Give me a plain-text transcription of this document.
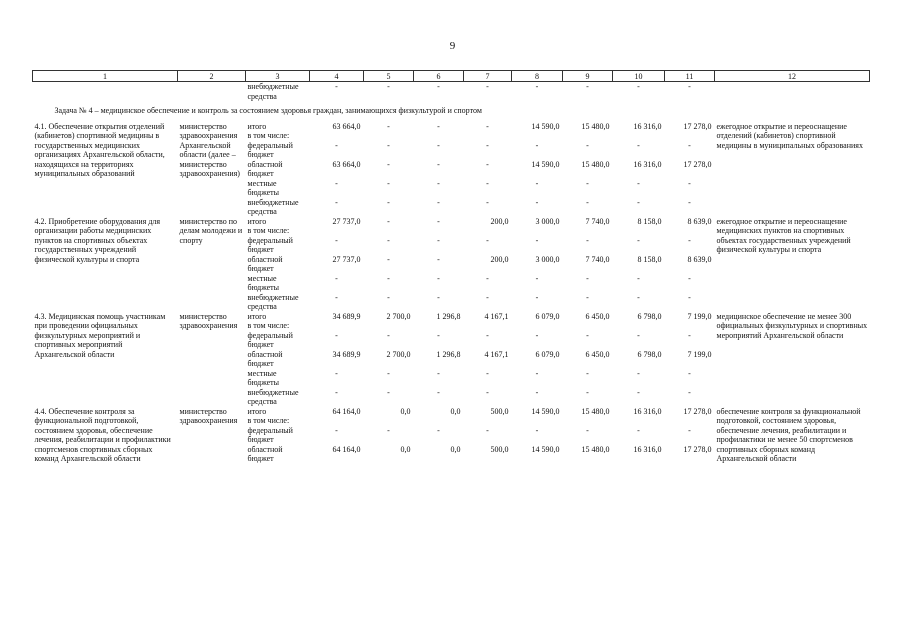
9
1	2	3	4	5	6	7	8	9	10	11	12
		внебюджетные средства	-	-	-	-	-	-	-	-	
Задача № 4 – медицинское обеспечение и контроль за состоянием здоровья граждан, занимающихся физкультурой и спортом											
4.1. Обеспечение открытия отделений (кабинетов) спортивной медицины в государственных медицинских организациях Архангельской области, находящихся на территориях муниципальных образований	министерство здравоохранения Архангельской области (далее – министерство здравоохранения)	итого	63 664,0	-	-	-	14 590,0	15 480,0	16 316,0	17 278,0	ежегодное открытие и переоснащение отделений (кабинетов) спортивной медицины в муниципальных образованиях
		в том числе:									
		федеральный бюджет	-	-	-	-	-	-	-	-	
		областной бюджет	63 664,0	-	-	-	14 590,0	15 480,0	16 316,0	17 278,0	
		местные бюджеты	-	-	-	-	-	-	-	-	
		внебюджетные средства	-	-	-	-	-	-	-	-	
4.2. Приобретение оборудования для организации работы медицинских пунктов на спортивных объектах государственных учреждений физической культуры и спорта	министерство по делам молодежи и спорту	итого	27 737,0	-	-	200,0	3 000,0	7 740,0	8 158,0	8 639,0	ежегодное открытие и переоснащение медицинских пунктов на спортивных объектах государственных учреждений физической культуры и спорта
		в том числе:									
		федеральный бюджет	-	-	-	-	-	-	-	-	
		областной бюджет	27 737,0	-	-	200,0	3 000,0	7 740,0	8 158,0	8 639,0	
		местные бюджеты	-	-	-	-	-	-	-	-	
		внебюджетные средства	-	-	-	-	-	-	-	-	
4.3. Медицинская помощь участникам при проведении официальных физкультурных мероприятий и спортивных мероприятий Архангельской области	министерство здравоохранения	итого	34 689,9	2 700,0	1 296,8	4 167,1	6 079,0	6 450,0	6 798,0	7 199,0	медицинское обеспечение не менее 300 официальных физкультурных и спортивных мероприятий Архангельской области
		в том числе:									
		федеральный бюджет	-	-	-	-	-	-	-	-	
		областной бюджет	34 689,9	2 700,0	1 296,8	4 167,1	6 079,0	6 450,0	6 798,0	7 199,0	
		местные бюджеты	-	-	-	-	-	-	-	-	
		внебюджетные средства	-	-	-	-	-	-	-	-	
4.4. Обеспечение контроля за функциональной подготовкой, состоянием здоровья, обеспечение лечения, реабилитации и профилактики спортсменов спортивных сборных команд Архангельской области	министерство здравоохранения	итого	64 164,0	0,0	0,0	500,0	14 590,0	15 480,0	16 316,0	17 278,0	обеспечение контроля за функциональной подготовкой, состоянием здоровья, обеспечение лечения, реабилитации и профилактики не менее 50 спортсменов спортивных сборных команд Архангельской области
		в том числе:									
		федеральный бюджет	-	-	-	-	-	-	-	-	
		областной бюджет	64 164,0	0,0	0,0	500,0	14 590,0	15 480,0	16 316,0	17 278,0	
